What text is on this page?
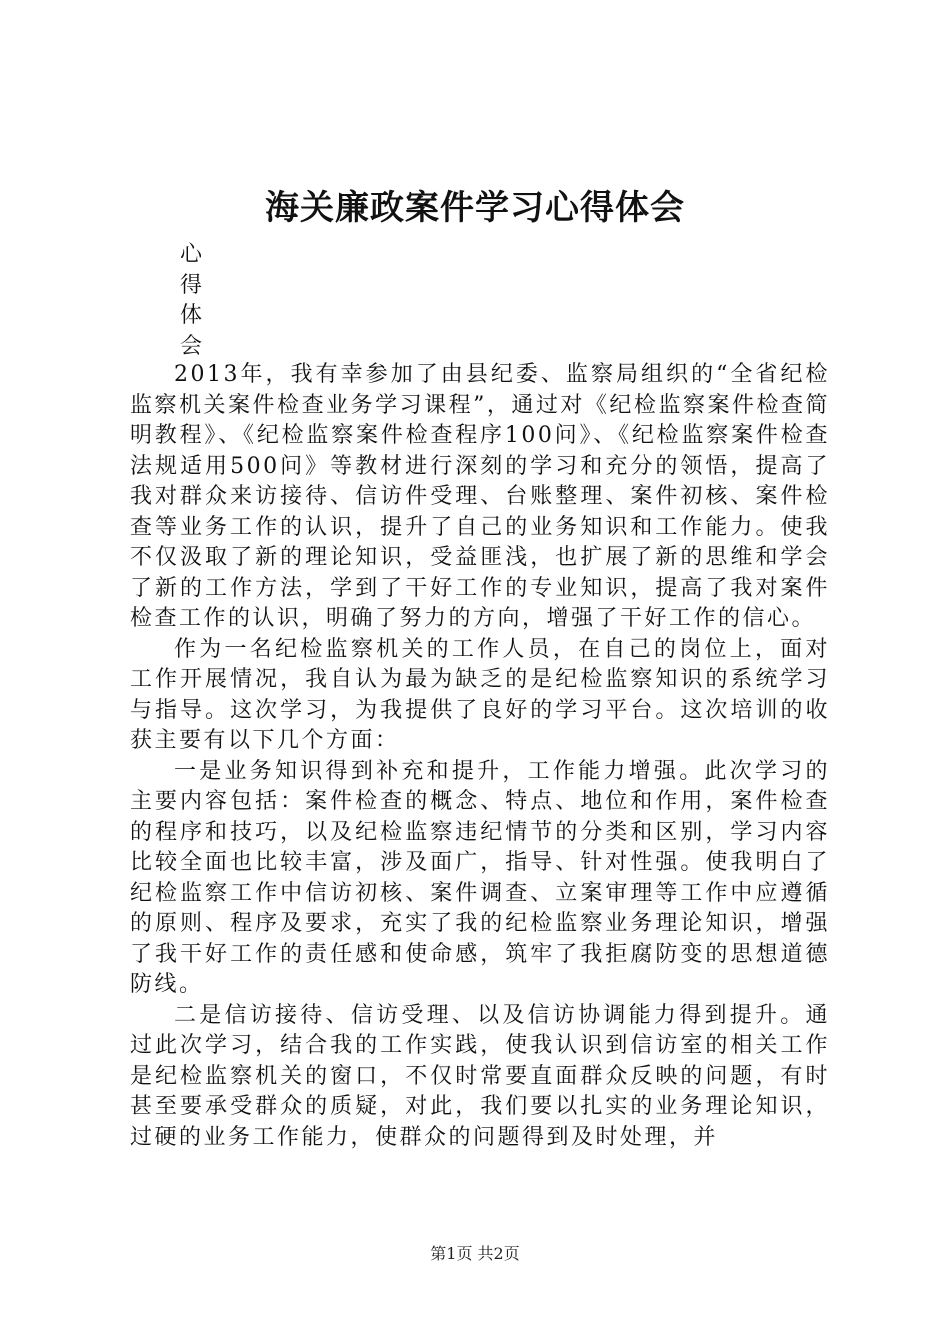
海关廉政案件学习心得体会
心得体会

2013年，我有幸参加了由县纪委、监察局组织的“全省纪检监察机关案件检查业务学习课程”，通过对《纪检监察案件检查简明教程》、《纪检监察案件检查程序100问》、《纪检监察案件检查法规适用500问》等教材进行深刻的学习和充分的领悟，提高了我对群众来访接待、信访件受理、台账整理、案件初核、案件检查等业务工作的认识，提升了自己的业务知识和工作能力。使我不仅汲取了新的理论知识，受益匪浅，也扩展了新的思维和学会了新的工作方法，学到了干好工作的专业知识，提高了我对案件检查工作的认识，明确了努力的方向，增强了干好工作的信心。

作为一名纪检监察机关的工作人员，在自己的岗位上，面对工作开展情况，我自认为最为缺乏的是纪检监察知识的系统学习与指导。这次学习，为我提供了良好的学习平台。这次培训的收获主要有以下几个方面：

一是业务知识得到补充和提升，工作能力增强。此次学习的主要内容包括：案件检查的概念、特点、地位和作用，案件检查的程序和技巧，以及纪检监察违纪情节的分类和区别，学习内容比较全面也比较丰富，涉及面广，指导、针对性强。使我明白了纪检监察工作中信访初核、案件调查、立案审理等工作中应遵循的原则、程序及要求，充实了我的纪检监察业务理论知识，增强了我干好工作的责任感和使命感，筑牢了我拒腐防变的思想道德防线。

二是信访接待、信访受理、以及信访协调能力得到提升。通过此次学习，结合我的工作实践，使我认识到信访室的相关工作是纪检监察机关的窗口，不仅时常要直面群众反映的问题，有时甚至要承受群众的质疑，对此，我们要以扎实的业务理论知识，过硬的业务工作能力，使群众的问题得到及时处理，并

第1页 共2页
